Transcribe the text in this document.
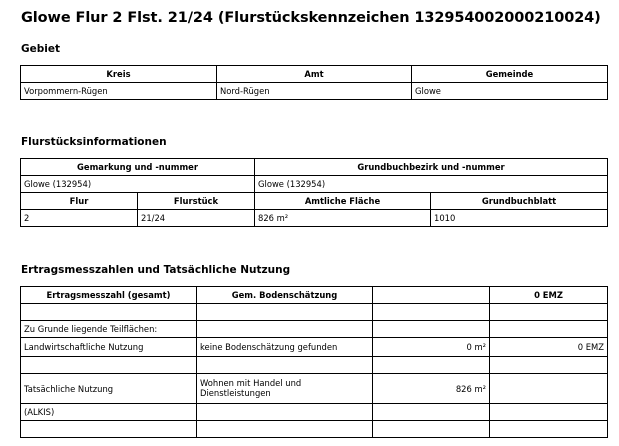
Glowe Flur 2 Flst. 21/24 (Flurstückskennzeichen 132954002000210024)
Gebiet
Kreis	Amt	Gemeinde
Vorpommern-Rügen	Nord-Rügen	Glowe
Flurstücksinformationen
Gemarkung und -nummer		Grundbuchbezirk und -nummer	
Glowe (132954)		Glowe (132954)	
Flur	Flurstück	Amtliche Fläche	Grundbuchblatt
2	21/24	826 m²	1010
Ertragsmesszahlen und Tatsächliche Nutzung
Ertragsmesszahl (gesamt)	Gem. Bodenschätzung		0 EMZ

Zu Grunde liegende Teilflächen:			
Landwirtschaftliche Nutzung	keine Bodenschätzung gefunden	0 m²	0 EMZ

Tatsächliche Nutzung	Wohnen mit Handel und Dienstleistungen	826 m²	
(ALKIS)			
